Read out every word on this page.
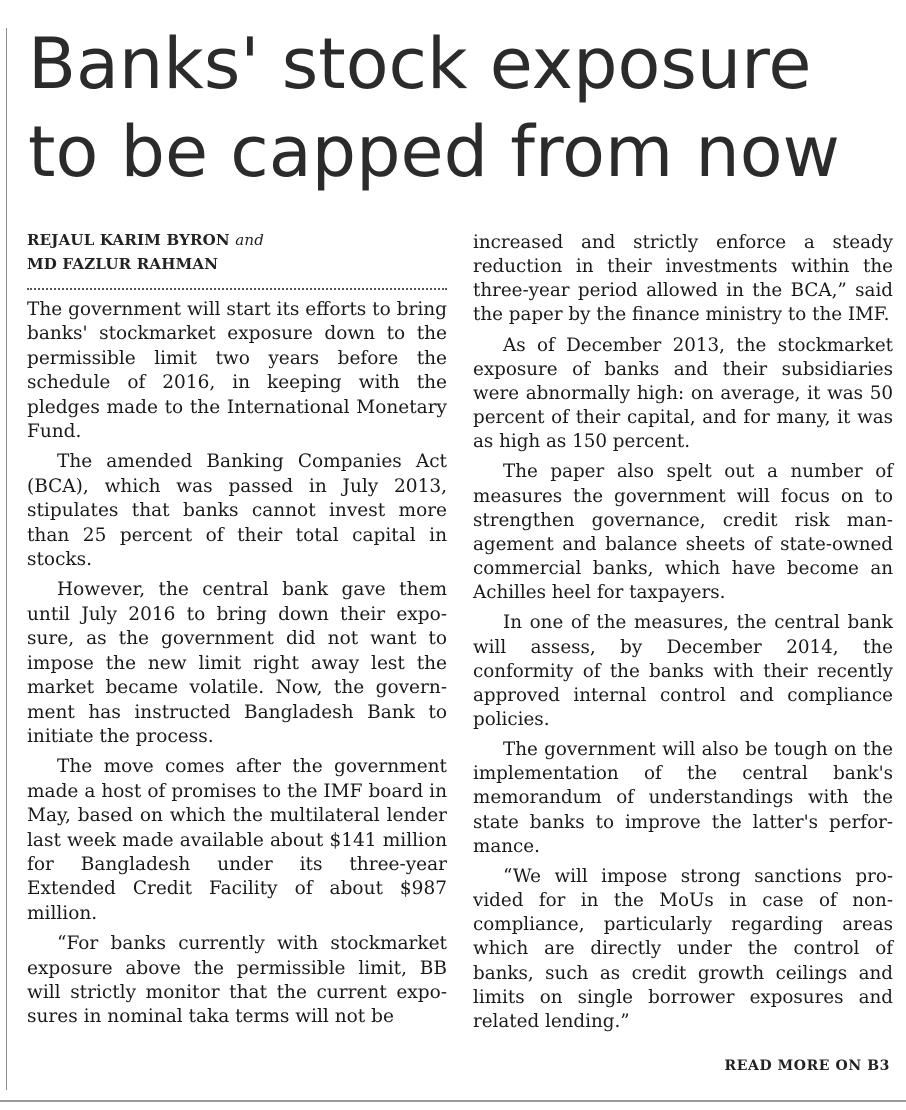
Banks' stock exposure
to be capped from now
REJAUL KARIM BYRON and
MD FAZLUR RAHMAN

The government will start its efforts to bring banks' stockmarket exposure down to the permissible limit two years before the schedule of 2016, in keeping with the pledges made to the International Monetary Fund.

The amended Banking Companies Act (BCA), which was passed in July 2013, stipulates that banks cannot invest more than 25 percent of their total capital in stocks.

However, the central bank gave them until July 2016 to bring down their expo-sure, as the government did not want to impose the new limit right away lest the market became volatile. Now, the govern-ment has instructed Bangladesh Bank to initiate the process.

The move comes after the government made a host of promises to the IMF board in May, based on which the multilateral lender last week made available about $141 million for Bangladesh under its three-year Extended Credit Facility of about $987 million.

“For banks currently with stockmarket exposure above the permissible limit, BB will strictly monitor that the current expo-sures in nominal taka terms will not be

increased and strictly enforce a steady reduction in their investments within the three-year period allowed in the BCA,” said the paper by the finance ministry to the IMF.

As of December 2013, the stockmarket exposure of banks and their subsidiaries were abnormally high: on average, it was 50 percent of their capital, and for many, it was as high as 150 percent.

The paper also spelt out a number of measures the government will focus on to strengthen governance, credit risk man-agement and balance sheets of state-owned commercial banks, which have become an Achilles heel for taxpayers.

In one of the measures, the central bank will assess, by December 2014, the conformity of the banks with their recently approved internal control and compliance policies.

The government will also be tough on the implementation of the central bank's memorandum of understandings with the state banks to improve the latter's perfor-mance.

“We will impose strong sanctions pro-vided for in the MoUs in case of non-compliance, particularly regarding areas which are directly under the control of banks, such as credit growth ceilings and limits on single borrower exposures and related lending.”

READ MORE ON B3
